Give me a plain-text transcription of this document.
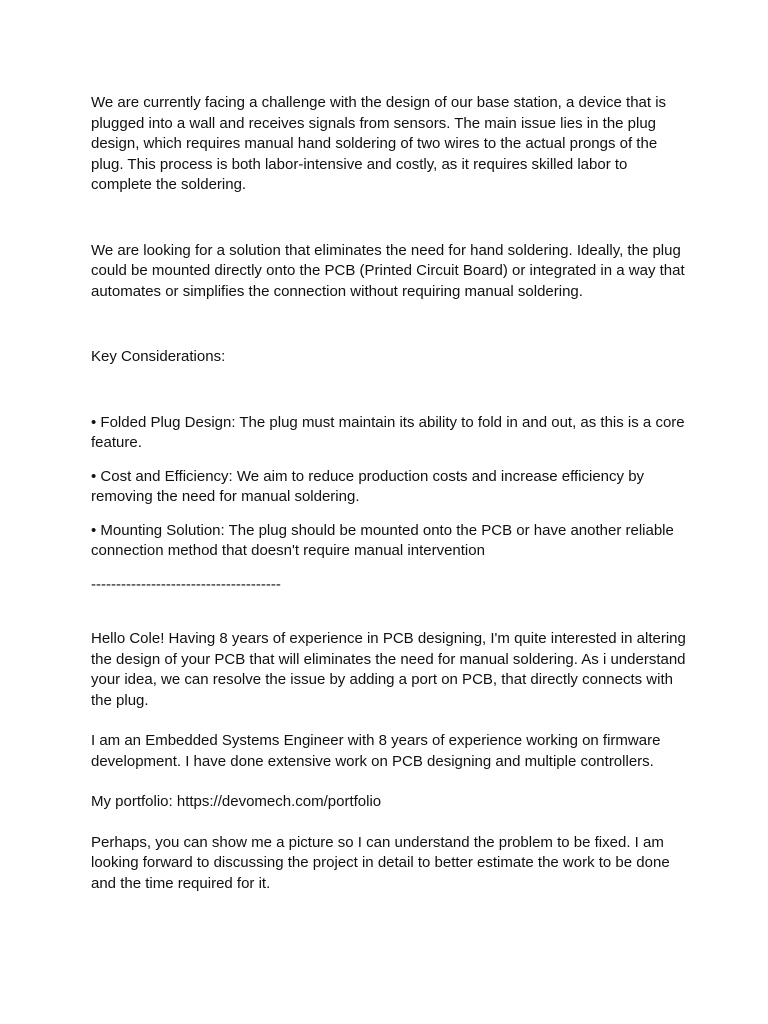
We are currently facing a challenge with the design of our base station, a device that is plugged into a wall and receives signals from sensors. The main issue lies in the plug design, which requires manual hand soldering of two wires to the actual prongs of the plug. This process is both labor-intensive and costly, as it requires skilled labor to complete the soldering.

We are looking for a solution that eliminates the need for hand soldering. Ideally, the plug could be mounted directly onto the PCB (Printed Circuit Board) or integrated in a way that automates or simplifies the connection without requiring manual soldering.

Key Considerations:

• Folded Plug Design: The plug must maintain its ability to fold in and out, as this is a core feature.

• Cost and Efficiency: We aim to reduce production costs and increase efficiency by removing the need for manual soldering.

• Mounting Solution: The plug should be mounted onto the PCB or have another reliable connection method that doesn't require manual intervention

--------------------------------------

Hello Cole! Having 8 years of experience in PCB designing, I'm quite interested in altering the design of your PCB that will eliminates the need for manual soldering. As i understand your idea, we can resolve the issue by adding a port on PCB, that directly connects with the plug.

I am an Embedded Systems Engineer with 8 years of experience working on firmware development. I have done extensive work on PCB designing and multiple controllers.

My portfolio: https://devomech.com/portfolio

Perhaps, you can show me a picture so I can understand the problem to be fixed. I am looking forward to discussing the project in detail to better estimate the work to be done and the time required for it.
